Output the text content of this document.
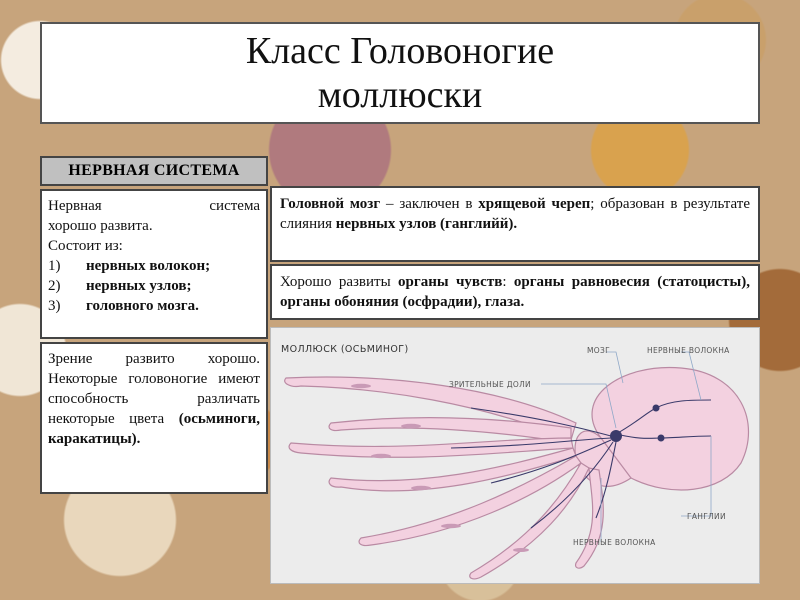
Класс Головоногие
моллюски
НЕРВНАЯ СИСТЕМА
Нервная система
хорошо развита.
Состоит из:
1)	нервных волокон;
2)	нервных узлов;
3)	головного мозга.
Зрение развито хорошо. Некоторые головоногие имеют способность различать некоторые цвета (осьминоги, каракатицы).
Головной мозг – заключен в хрящевой череп; образован в результате слияния нервных узлов (ганглийй).
Хорошо развиты органы чувств: органы равновесия (статоцисты), органы обоняния (осфрадии), глаза.
МОЛЛЮСК (ОСЬМИНОГ)	МОЗГ	НЕРВНЫЕ ВОЛОКНА
ЗРИТЕЛЬНЫЕ ДОЛИ
ГАНГЛИИ
НЕРВНЫЕ ВОЛОКНА
